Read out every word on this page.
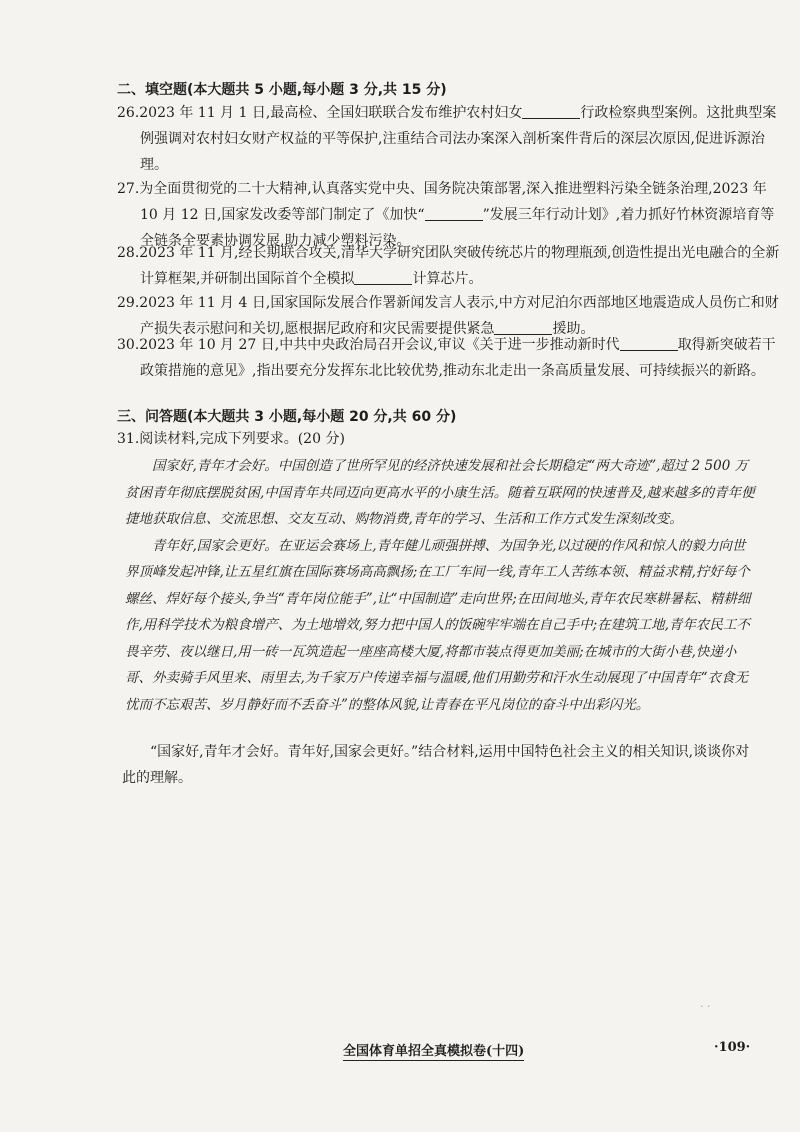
二、填空题(本大题共 5 小题,每小题 3 分,共 15 分)
26.2023 年 11 月 1 日,最高检、全国妇联联合发布维护农村妇女	行政检察典型案例。这批典型案例强调对农村妇女财产权益的平等保护,注重结合司法办案深入剖析案件背后的深层次原因,促进诉源治理。
27.为全面贯彻党的二十大精神,认真落实党中央、国务院决策部署,深入推进塑料污染全链条治理,2023 年 10 月 12 日,国家发改委等部门制定了《加快“	”发展三年行动计划》,着力抓好竹林资源培育等全链条全要素协调发展,助力减少塑料污染。
28.2023 年 11 月,经长期联合攻关,清华大学研究团队突破传统芯片的物理瓶颈,创造性提出光电融合的全新计算框架,并研制出国际首个全模拟	计算芯片。
29.2023 年 11 月 4 日,国家国际发展合作署新闻发言人表示,中方对尼泊尔西部地区地震造成人员伤亡和财产损失表示慰问和关切,愿根据尼政府和灾民需要提供紧急	援助。
30.2023 年 10 月 27 日,中共中央政治局召开会议,审议《关于进一步推动新时代	取得新突破若干政策措施的意见》,指出要充分发挥东北比较优势,推动东北走出一条高质量发展、可持续振兴的新路。
三、问答题(本大题共 3 小题,每小题 20 分,共 60 分)
31.阅读材料,完成下列要求。(20 分)

国家好,青年才会好。中国创造了世所罕见的经济快速发展和社会长期稳定“两大奇迹”,超过 2 500 万贫困青年彻底摆脱贫困,中国青年共同迈向更高水平的小康生活。随着互联网的快速普及,越来越多的青年便捷地获取信息、交流思想、交友互动、购物消费,青年的学习、生活和工作方式发生深刻改变。

青年好,国家会更好。在亚运会赛场上,青年健儿顽强拼搏、为国争光,以过硬的作风和惊人的毅力向世界顶峰发起冲锋,让五星红旗在国际赛场高高飘扬;在工厂车间一线,青年工人苦练本领、精益求精,拧好每个螺丝、焊好每个接头,争当“青年岗位能手”,让“中国制造”走向世界;在田间地头,青年农民寒耕暑耘、精耕细作,用科学技术为粮食增产、为土地增效,努力把中国人的饭碗牢牢端在自己手中;在建筑工地,青年农民工不畏辛劳、夜以继日,用一砖一瓦筑造起一座座高楼大厦,将都市装点得更加美丽;在城市的大街小巷,快递小哥、外卖骑手风里来、雨里去,为千家万户传递幸福与温暖,他们用勤劳和汗水生动展现了中国青年“衣食无忧而不忘艰苦、岁月静好而不丢奋斗”的整体风貌,让青春在平凡岗位的奋斗中出彩闪光。

“国家好,青年才会好。青年好,国家会更好。”结合材料,运用中国特色社会主义的相关知识,谈谈你对此的理解。
· ·
全国体育单招全真模拟卷(十四)	·109·
